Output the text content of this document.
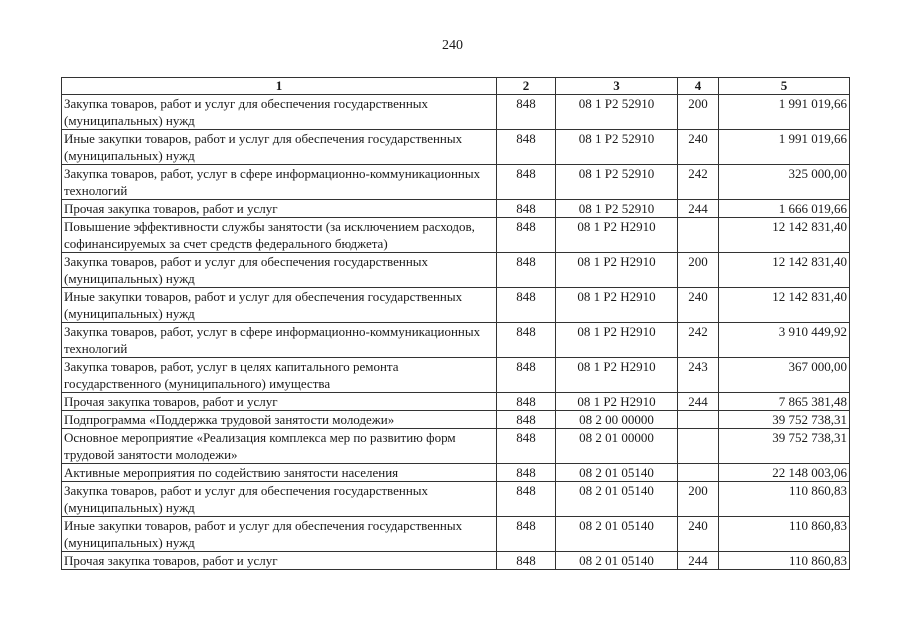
240
1	2	3	4	5
Закупка товаров, работ и услуг для обеспечения государственных (муниципальных) нужд	848	08 1 P2 52910	200	1 991 019,66
Иные закупки товаров, работ и услуг для обеспечения государственных (муниципальных) нужд	848	08 1 P2 52910	240	1 991 019,66
Закупка товаров, работ, услуг в сфере информационно-коммуникационных технологий	848	08 1 P2 52910	242	325 000,00
Прочая закупка товаров, работ и услуг	848	08 1 P2 52910	244	1 666 019,66
Повышение эффективности службы занятости (за исключением расходов, софинансируемых за счет средств федерального бюджета)	848	08 1 P2 H2910		12 142 831,40
Закупка товаров, работ и услуг для обеспечения государственных (муниципальных) нужд	848	08 1 P2 H2910	200	12 142 831,40
Иные закупки товаров, работ и услуг для обеспечения государственных (муниципальных) нужд	848	08 1 P2 H2910	240	12 142 831,40
Закупка товаров, работ, услуг в сфере информационно-коммуникационных технологий	848	08 1 P2 H2910	242	3 910 449,92
Закупка товаров, работ, услуг в целях капитального ремонта государственного (муниципального) имущества	848	08 1 P2 H2910	243	367 000,00
Прочая закупка товаров, работ и услуг	848	08 1 P2 H2910	244	7 865 381,48
Подпрограмма «Поддержка трудовой занятости молодежи»	848	08 2 00 00000		39 752 738,31
Основное мероприятие «Реализация комплекса мер по развитию форм трудовой занятости молодежи»	848	08 2 01 00000		39 752 738,31
Активные мероприятия по содействию занятости населения	848	08 2 01 05140		22 148 003,06
Закупка товаров, работ и услуг для обеспечения государственных (муниципальных) нужд	848	08 2 01 05140	200	110 860,83
Иные закупки товаров, работ и услуг для обеспечения государственных (муниципальных) нужд	848	08 2 01 05140	240	110 860,83
Прочая закупка товаров, работ и услуг	848	08 2 01 05140	244	110 860,83
